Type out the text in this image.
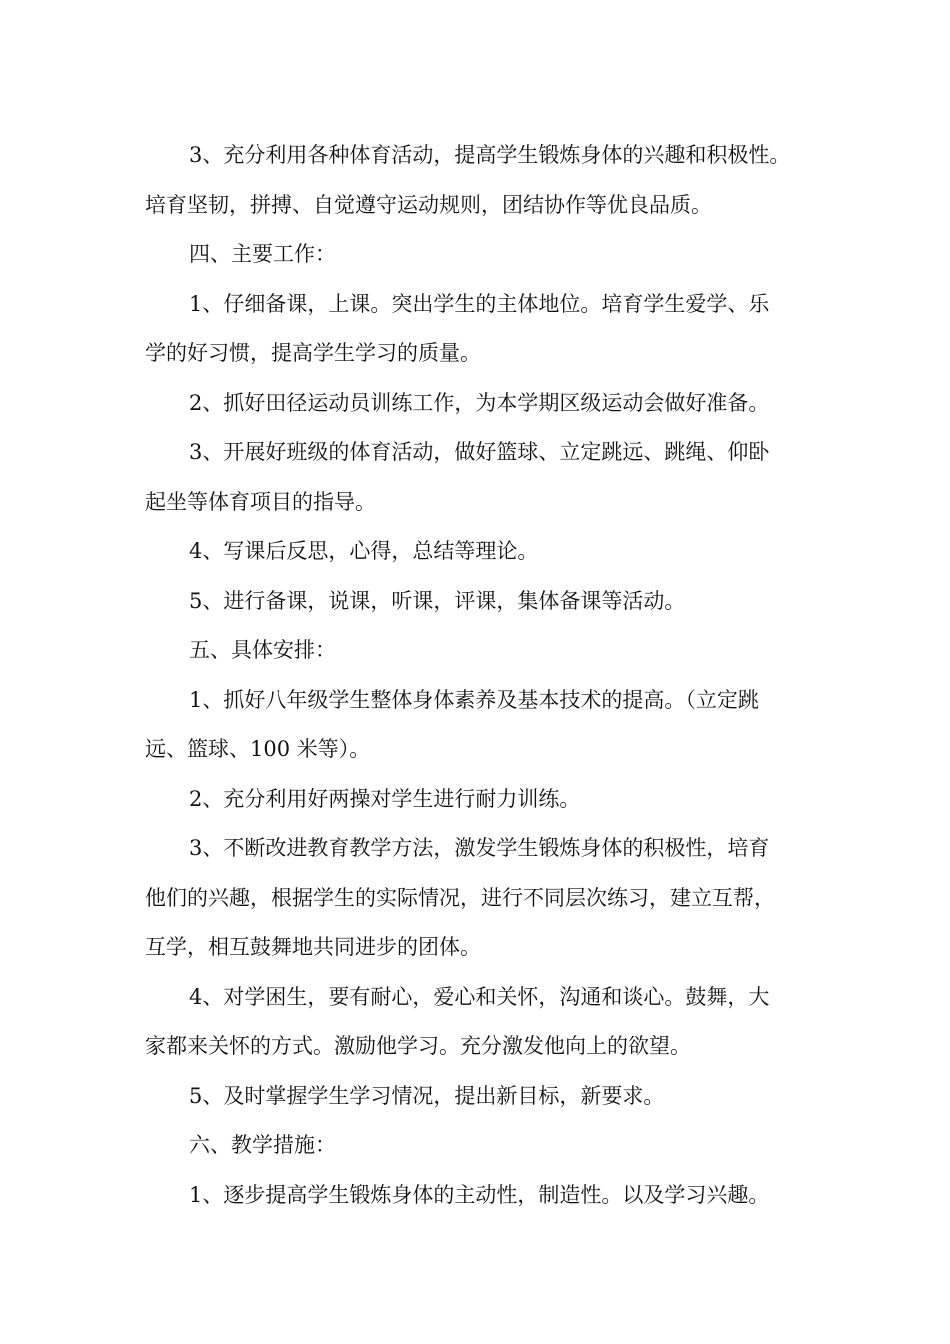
3、充分利用各种体育活动，提高学生锻炼身体的兴趣和积极性。
培育坚韧，拼搏、自觉遵守运动规则，团结协作等优良品质。
四、主要工作：
1、仔细备课，上课。突出学生的主体地位。培育学生爱学、乐
学的好习惯，提高学生学习的质量。
2、抓好田径运动员训练工作，为本学期区级运动会做好准备。
3、开展好班级的体育活动，做好篮球、立定跳远、跳绳、仰卧
起坐等体育项目的指导。
4、写课后反思，心得，总结等理论。
5、进行备课，说课，听课，评课，集体备课等活动。
五、具体安排：
1、抓好八年级学生整体身体素养及基本技术的提高。（立定跳
远、篮球、100 米等）。
2、充分利用好两操对学生进行耐力训练。
3、不断改进教育教学方法，激发学生锻炼身体的积极性，培育
他们的兴趣，根据学生的实际情况，进行不同层次练习，建立互帮，
互学，相互鼓舞地共同进步的团体。
4、对学困生，要有耐心，爱心和关怀，沟通和谈心。鼓舞，大
家都来关怀的方式。激励他学习。充分激发他向上的欲望。
5、及时掌握学生学习情况，提出新目标，新要求。
六、教学措施：
1、逐步提高学生锻炼身体的主动性，制造性。以及学习兴趣。
